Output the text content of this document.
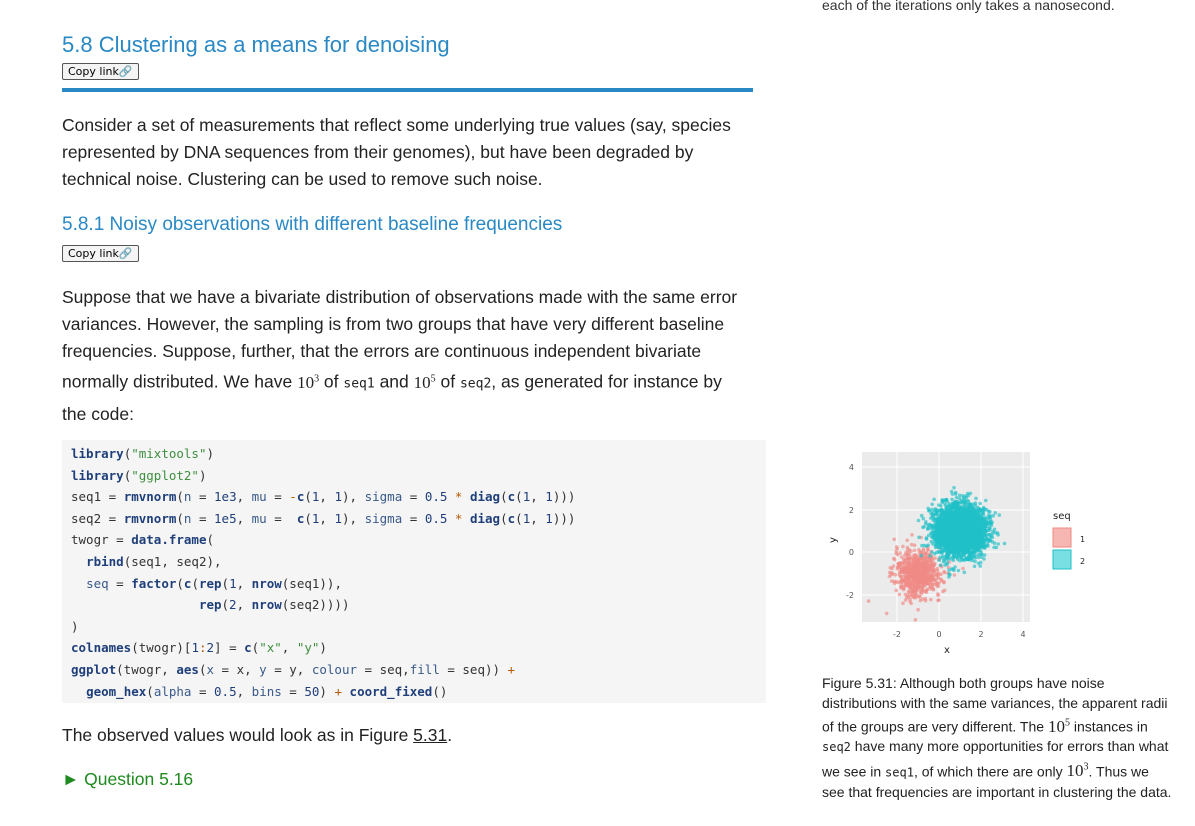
each of the iterations only takes a nanosecond.
5.8 Clustering as a means for denoising
Copy link🔗
Consider a set of measurements that reflect some underlying true values (say, species represented by DNA sequences from their genomes), but have been degraded by technical noise. Clustering can be used to remove such noise.
5.8.1 Noisy observations with different baseline frequencies
Copy link🔗
Suppose that we have a bivariate distribution of observations made with the same error
variances. However, the sampling is from two groups that have very different baseline
frequencies. Suppose, further, that the errors are continuous independent bivariate
normally distributed. We have $10^3$ of seq1 and $10^5$ of seq2, as generated for instance by
the code:
library("mixtools")
library("ggplot2")
seq1 = rmvnorm(n = 1e3, mu = -c(1, 1), sigma = 0.5 * diag(c(1, 1)))
seq2 = rmvnorm(n = 1e5, mu =  c(1, 1), sigma = 0.5 * diag(c(1, 1)))
twogr = data.frame(
rbind(seq1, seq2),
seq = factor(c(rep(1, nrow(seq1)),
rep(2, nrow(seq2))))
)
colnames(twogr)[1:2] = c("x", "y")
ggplot(twogr, aes(x = x, y = y, colour = seq,fill = seq)) +
geom_hex(alpha = 0.5, bins = 50) + coord_fixed()
The observed values would look as in Figure 5.31.
► Question 5.16
4
2
0
-2
-2	0	2	4
x
y
seq
1
2
Figure 5.31: Although both groups have noise distributions with the same variances, the apparent radii of the groups are very different. The $10^5$ instances in seq2 have many more opportunities for errors than what we see in seq1, of which there are only $10^3$. Thus we see that frequencies are important in clustering the data.
